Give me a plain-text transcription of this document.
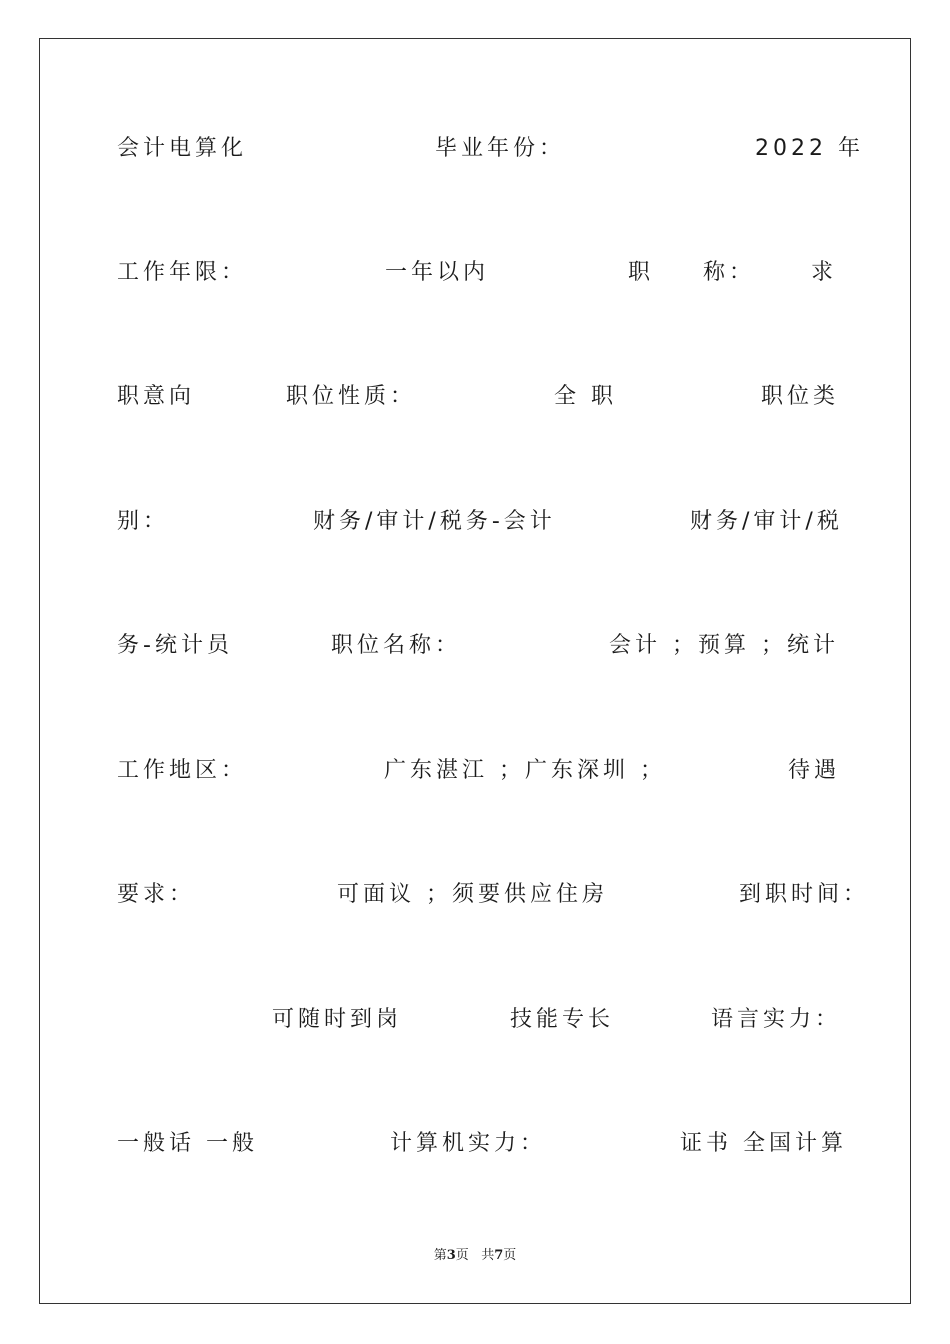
会计电算化	毕业年份：	2022 年
工作年限：	一年以内	职 称：	求
职意向	职位性质：	全 职	职位类
别：	财务/审计/税务-会计	财务/审计/税
务-统计员	职位名称：	会计 ；预算 ；统计
工作地区：	广东湛江 ；广东深圳 ；	待遇
要求：	可面议 ；须要供应住房	到职时间：
可随时到岗	技能专长	语言实力：
一般话 一般	计算机实力：	证书 全国计算
第3页 共7页
